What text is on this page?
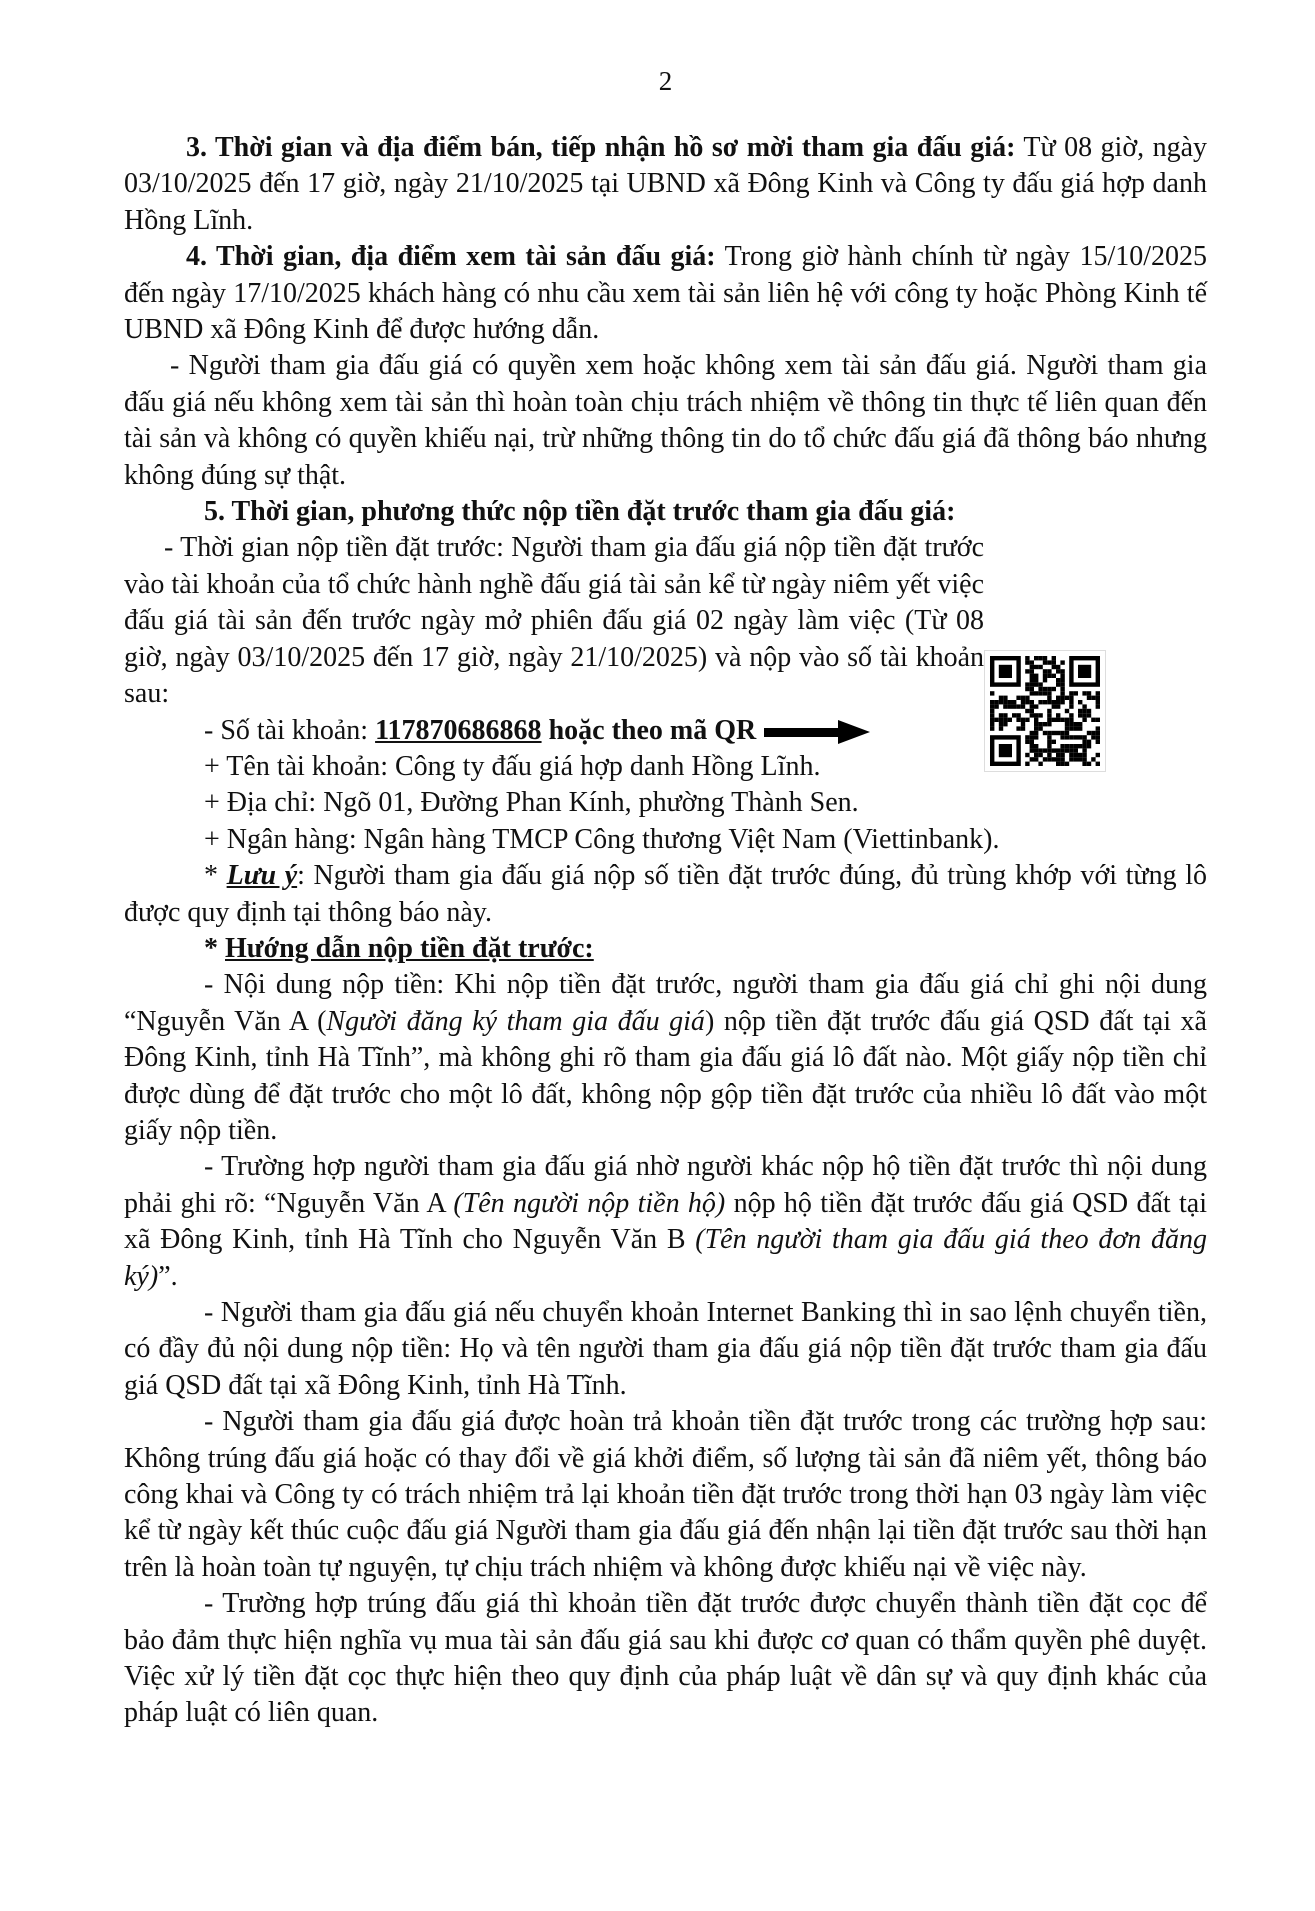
2

3. Thời gian và địa điểm bán, tiếp nhận hồ sơ mời tham gia đấu giá: Từ 08 giờ, ngày 03/10/2025 đến 17 giờ, ngày 21/10/2025 tại UBND xã Đông Kinh và Công ty đấu giá hợp danh Hồng Lĩnh.

4. Thời gian, địa điểm xem tài sản đấu giá: Trong giờ hành chính từ ngày 15/10/2025 đến ngày 17/10/2025 khách hàng có nhu cầu xem tài sản liên hệ với công ty hoặc Phòng Kinh tế UBND xã Đông Kinh để được hướng dẫn.

- Người tham gia đấu giá có quyền xem hoặc không xem tài sản đấu giá. Người tham gia đấu giá nếu không xem tài sản thì hoàn toàn chịu trách nhiệm về thông tin thực tế liên quan đến tài sản và không có quyền khiếu nại, trừ những thông tin do tổ chức đấu giá đã thông báo nhưng không đúng sự thật.

5. Thời gian, phương thức nộp tiền đặt trước tham gia đấu giá:

- Thời gian nộp tiền đặt trước: Người tham gia đấu giá nộp tiền đặt trước vào tài khoản của tổ chức hành nghề đấu giá tài sản kể từ ngày niêm yết việc đấu giá tài sản đến trước ngày mở phiên đấu giá 02 ngày làm việc (Từ 08 giờ, ngày 03/10/2025 đến 17 giờ, ngày 21/10/2025) và nộp vào số tài khoản sau:

- Số tài khoản: 117870686868 hoặc theo mã QR
+ Tên tài khoản: Công ty đấu giá hợp danh Hồng Lĩnh.
+ Địa chỉ: Ngõ 01, Đường Phan Kính, phường Thành Sen.
+ Ngân hàng: Ngân hàng TMCP Công thương Việt Nam (Viettinbank).

* Lưu ý: Người tham gia đấu giá nộp số tiền đặt trước đúng, đủ trùng khớp với từng lô được quy định tại thông báo này.

* Hướng dẫn nộp tiền đặt trước:

- Nội dung nộp tiền: Khi nộp tiền đặt trước, người tham gia đấu giá chỉ ghi nội dung “Nguyễn Văn A (Người đăng ký tham gia đấu giá) nộp tiền đặt trước đấu giá QSD đất tại xã Đông Kinh, tỉnh Hà Tĩnh”, mà không ghi rõ tham gia đấu giá lô đất nào. Một giấy nộp tiền chỉ được dùng để đặt trước cho một lô đất, không nộp gộp tiền đặt trước của nhiều lô đất vào một giấy nộp tiền.

- Trường hợp người tham gia đấu giá nhờ người khác nộp hộ tiền đặt trước thì nội dung phải ghi rõ: “Nguyễn Văn A (Tên người nộp tiền hộ) nộp hộ tiền đặt trước đấu giá QSD đất tại xã Đông Kinh, tỉnh Hà Tĩnh cho Nguyễn Văn B (Tên người tham gia đấu giá theo đơn đăng ký)”.

- Người tham gia đấu giá nếu chuyển khoản Internet Banking thì in sao lệnh chuyển tiền, có đầy đủ nội dung nộp tiền: Họ và tên người tham gia đấu giá nộp tiền đặt trước tham gia đấu giá QSD đất tại xã Đông Kinh, tỉnh Hà Tĩnh.

- Người tham gia đấu giá được hoàn trả khoản tiền đặt trước trong các trường hợp sau: Không trúng đấu giá hoặc có thay đổi về giá khởi điểm, số lượng tài sản đã niêm yết, thông báo công khai và Công ty có trách nhiệm trả lại khoản tiền đặt trước trong thời hạn 03 ngày làm việc kể từ ngày kết thúc cuộc đấu giá Người tham gia đấu giá đến nhận lại tiền đặt trước sau thời hạn trên là hoàn toàn tự nguyện, tự chịu trách nhiệm và không được khiếu nại về việc này.

- Trường hợp trúng đấu giá thì khoản tiền đặt trước được chuyển thành tiền đặt cọc để bảo đảm thực hiện nghĩa vụ mua tài sản đấu giá sau khi được cơ quan có thẩm quyền phê duyệt. Việc xử lý tiền đặt cọc thực hiện theo quy định của pháp luật về dân sự và quy định khác của pháp luật có liên quan.
